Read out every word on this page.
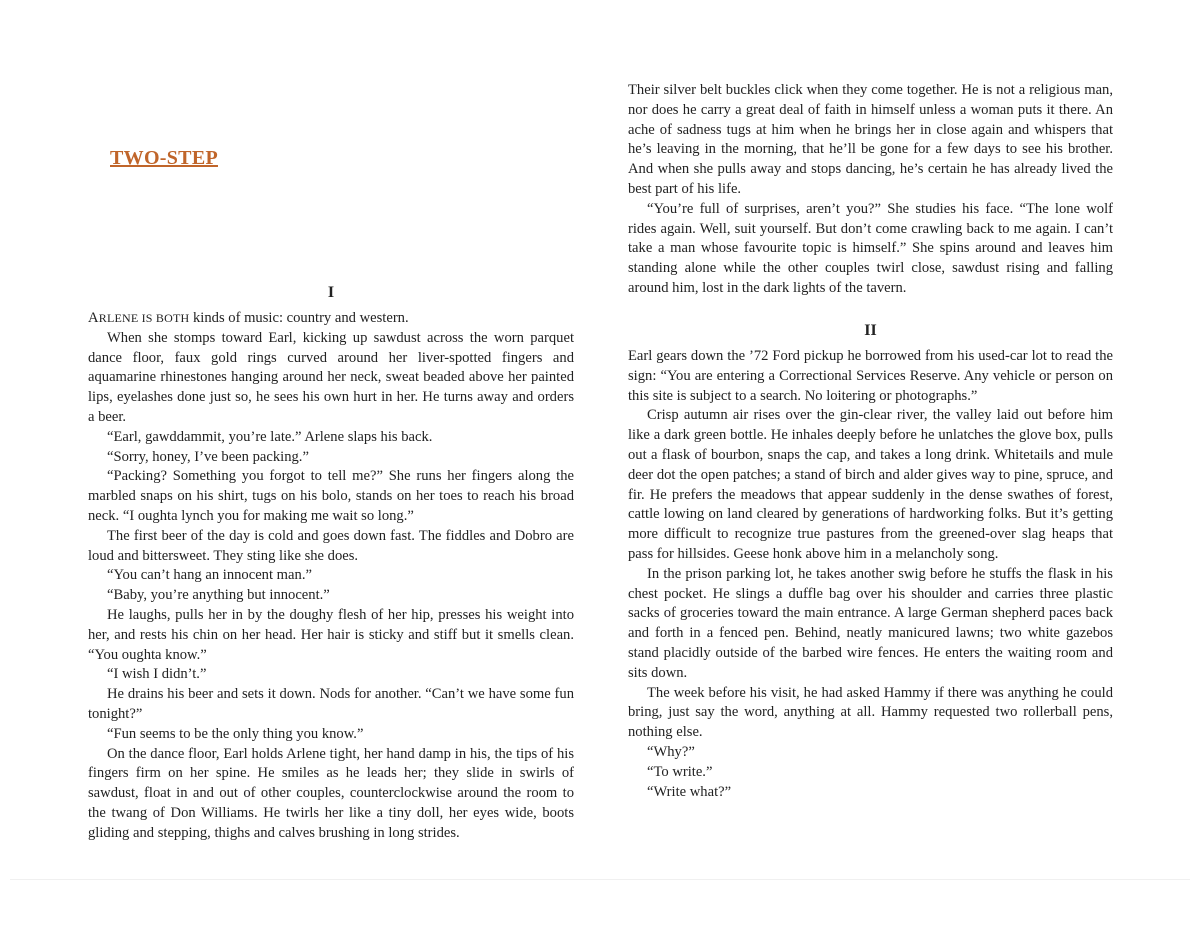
TWO-STEP
I

ARLENE IS BOTH kinds of music: country and western.

When she stomps toward Earl, kicking up sawdust across the worn parquet dance floor, faux gold rings curved around her liver-spotted fingers and aquamarine rhinestones hanging around her neck, sweat beaded above her painted lips, eyelashes done just so, he sees his own hurt in her. He turns away and orders a beer.

“Earl, gawddammit, you’re late.” Arlene slaps his back.

“Sorry, honey, I’ve been packing.”

“Packing? Something you forgot to tell me?” She runs her fingers along the marbled snaps on his shirt, tugs on his bolo, stands on her toes to reach his broad neck. “I oughta lynch you for making me wait so long.”

The first beer of the day is cold and goes down fast. The fiddles and Dobro are loud and bittersweet. They sting like she does.

“You can’t hang an innocent man.”

“Baby, you’re anything but innocent.”

He laughs, pulls her in by the doughy flesh of her hip, presses his weight into her, and rests his chin on her head. Her hair is sticky and stiff but it smells clean. “You oughta know.”

“I wish I didn’t.”

He drains his beer and sets it down. Nods for another. “Can’t we have some fun tonight?”

“Fun seems to be the only thing you know.”

On the dance floor, Earl holds Arlene tight, her hand damp in his, the tips of his fingers firm on her spine. He smiles as he leads her; they slide in swirls of sawdust, float in and out of other couples, counterclockwise around the room to the twang of Don Williams. He twirls her like a tiny doll, her eyes wide, boots gliding and stepping, thighs and calves brushing in long strides.

Their silver belt buckles click when they come together. He is not a religious man, nor does he carry a great deal of faith in himself unless a woman puts it there. An ache of sadness tugs at him when he brings her in close again and whispers that he’s leaving in the morning, that he’ll be gone for a few days to see his brother. And when she pulls away and stops dancing, he’s certain he has already lived the best part of his life.

“You’re full of surprises, aren’t you?” She studies his face. “The lone wolf rides again. Well, suit yourself. But don’t come crawling back to me again. I can’t take a man whose favourite topic is himself.” She spins around and leaves him standing alone while the other couples twirl close, sawdust rising and falling around him, lost in the dark lights of the tavern.

II

Earl gears down the ’72 Ford pickup he borrowed from his used-car lot to read the sign: “You are entering a Correctional Services Reserve. Any vehicle or person on this site is subject to a search. No loitering or photographs.”

Crisp autumn air rises over the gin-clear river, the valley laid out before him like a dark green bottle. He inhales deeply before he unlatches the glove box, pulls out a flask of bourbon, snaps the cap, and takes a long drink. Whitetails and mule deer dot the open patches; a stand of birch and alder gives way to pine, spruce, and fir. He prefers the meadows that appear suddenly in the dense swathes of forest, cattle lowing on land cleared by generations of hardworking folks. But it’s getting more difficult to recognize true pastures from the greened-over slag heaps that pass for hillsides. Geese honk above him in a melancholy song.

In the prison parking lot, he takes another swig before he stuffs the flask in his chest pocket. He slings a duffle bag over his shoulder and carries three plastic sacks of groceries toward the main entrance. A large German shepherd paces back and forth in a fenced pen. Behind, neatly manicured lawns; two white gazebos stand placidly outside of the barbed wire fences. He enters the waiting room and sits down.

The week before his visit, he had asked Hammy if there was anything he could bring, just say the word, anything at all. Hammy requested two rollerball pens, nothing else.

“Why?”

“To write.”

“Write what?”
